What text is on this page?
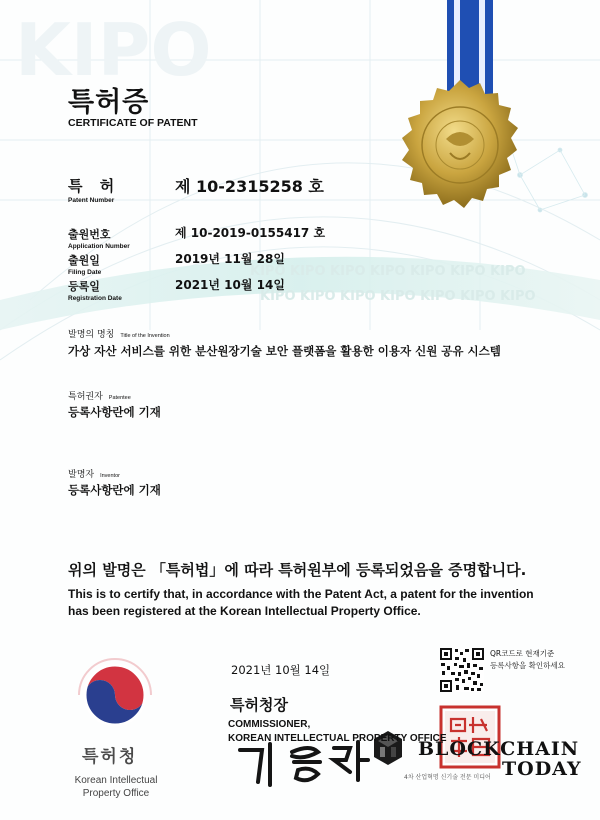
KIPO
KIPO KIPO KIPO KIPO KIPO KIPO KIPO
KIPO KIPO KIPO KIPO KIPO KIPO KIPO
특허증
CERTIFICATE OF PATENT
특 허
Patent Number
제 10-2315258 호
출원번호
Application Number
제 10-2019-0155417 호
출원일
Filing Date
2019년 11월 28일
등록일
Registration Date
2021년 10월 14일
발명의 명칭 Title of the Invention
가상 자산 서비스를 위한 분산원장기술 보안 플랫폼을 활용한 이용자 신원 공유 시스템
특허권자 Patentee
등록사항란에 기재
발명자 Inventor
등록사항란에 기재
위의 발명은 「특허법」에 따라 특허원부에 등록되었음을 증명합니다.
This is to certify that, in accordance with the Patent Act, a patent for the invention has been registered at the Korean Intellectual Property Office.
특허청
Korean Intellectual Property Office
2021년 10월 14일
특허청장
COMMISSIONER,
KOREAN INTELLECTUAL PROPERTY OFFICE
QR코드로 현재기준
등록사항을 확인하세요
BLOCKCHAIN
TODAY
4차 산업혁명 신기술 전문 미디어
